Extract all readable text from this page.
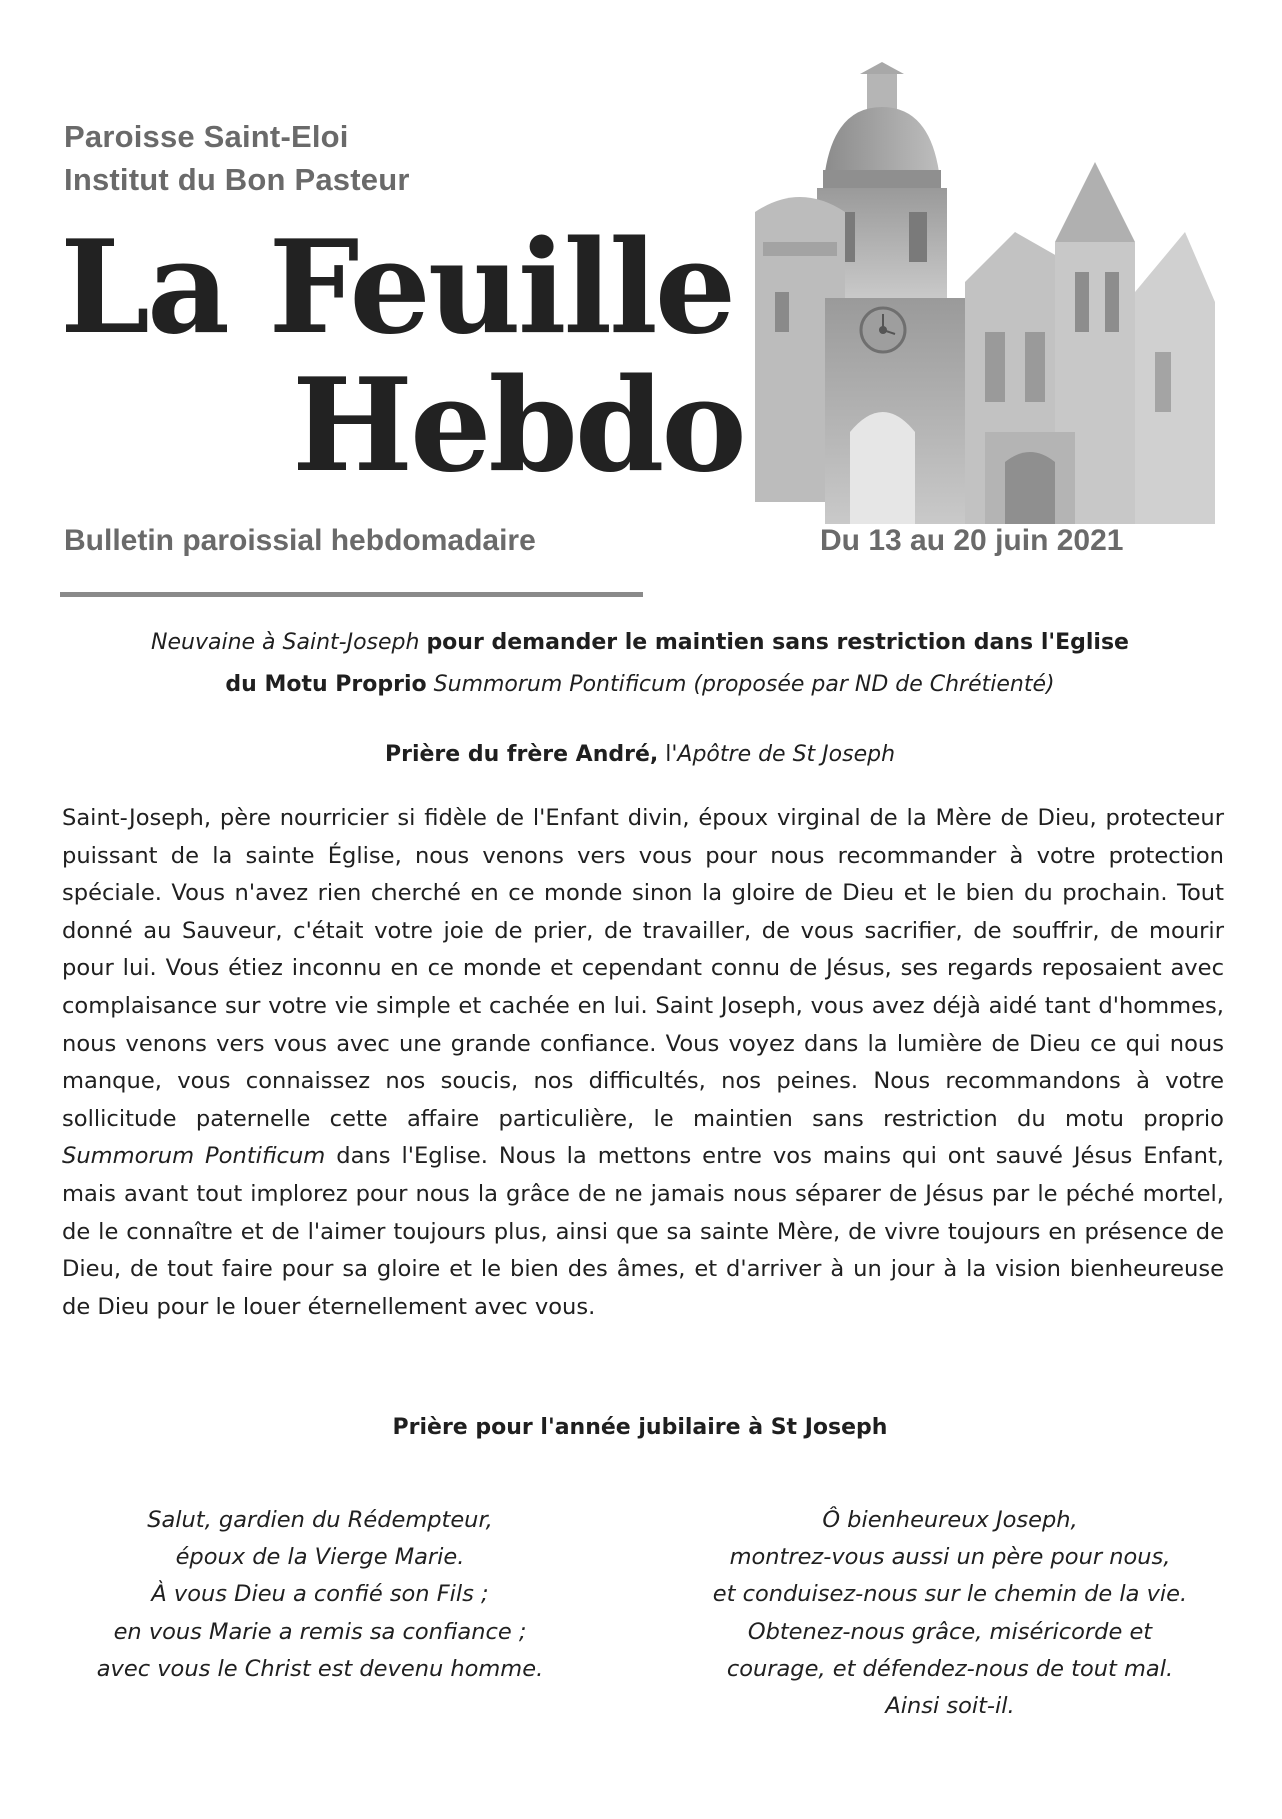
Paroisse Saint-Eloi
Institut du Bon Pasteur
La Feuille
Hebdo
Bulletin paroissial hebdomadaire	Du 13 au 20 juin 2021
Neuvaine à Saint-Joseph pour demander le maintien sans restriction dans l'Eglise
du Motu Proprio Summorum Pontificum (proposée par ND de Chrétienté)
Prière du frère André, l'Apôtre de St Joseph
Saint-Joseph, père nourricier si fidèle de l'Enfant divin, époux virginal de la Mère de Dieu, protecteur puissant de la sainte Église, nous venons vers vous pour nous recommander à votre protection spéciale. Vous n'avez rien cherché en ce monde sinon la gloire de Dieu et le bien du prochain. Tout donné au Sauveur, c'était votre joie de prier, de travailler, de vous sacrifier, de souffrir, de mourir pour lui. Vous étiez inconnu en ce monde et cependant connu de Jésus, ses regards reposaient avec complaisance sur votre vie simple et cachée en lui. Saint Joseph, vous avez déjà aidé tant d'hommes, nous venons vers vous avec une grande confiance. Vous voyez dans la lumière de Dieu ce qui nous manque, vous connaissez nos soucis, nos difficultés, nos peines. Nous recommandons à votre sollicitude paternelle cette affaire particulière, le maintien sans restriction du motu proprio Summorum Pontificum dans l'Eglise. Nous la mettons entre vos mains qui ont sauvé Jésus Enfant, mais avant tout implorez pour nous la grâce de ne jamais nous séparer de Jésus par le péché mortel, de le connaître et de l'aimer toujours plus, ainsi que sa sainte Mère, de vivre toujours en présence de Dieu, de tout faire pour sa gloire et le bien des âmes, et d'arriver à un jour à la vision bienheureuse de Dieu pour le louer éternellement avec vous.
Prière pour l'année jubilaire à St Joseph
Salut, gardien du Rédempteur,
époux de la Vierge Marie.
À vous Dieu a confié son Fils ;
en vous Marie a remis sa confiance ;
avec vous le Christ est devenu homme.
Ô bienheureux Joseph,
montrez-vous aussi un père pour nous,
et conduisez-nous sur le chemin de la vie.
Obtenez-nous grâce, miséricorde et
courage, et défendez-nous de tout mal.
Ainsi soit-il.
